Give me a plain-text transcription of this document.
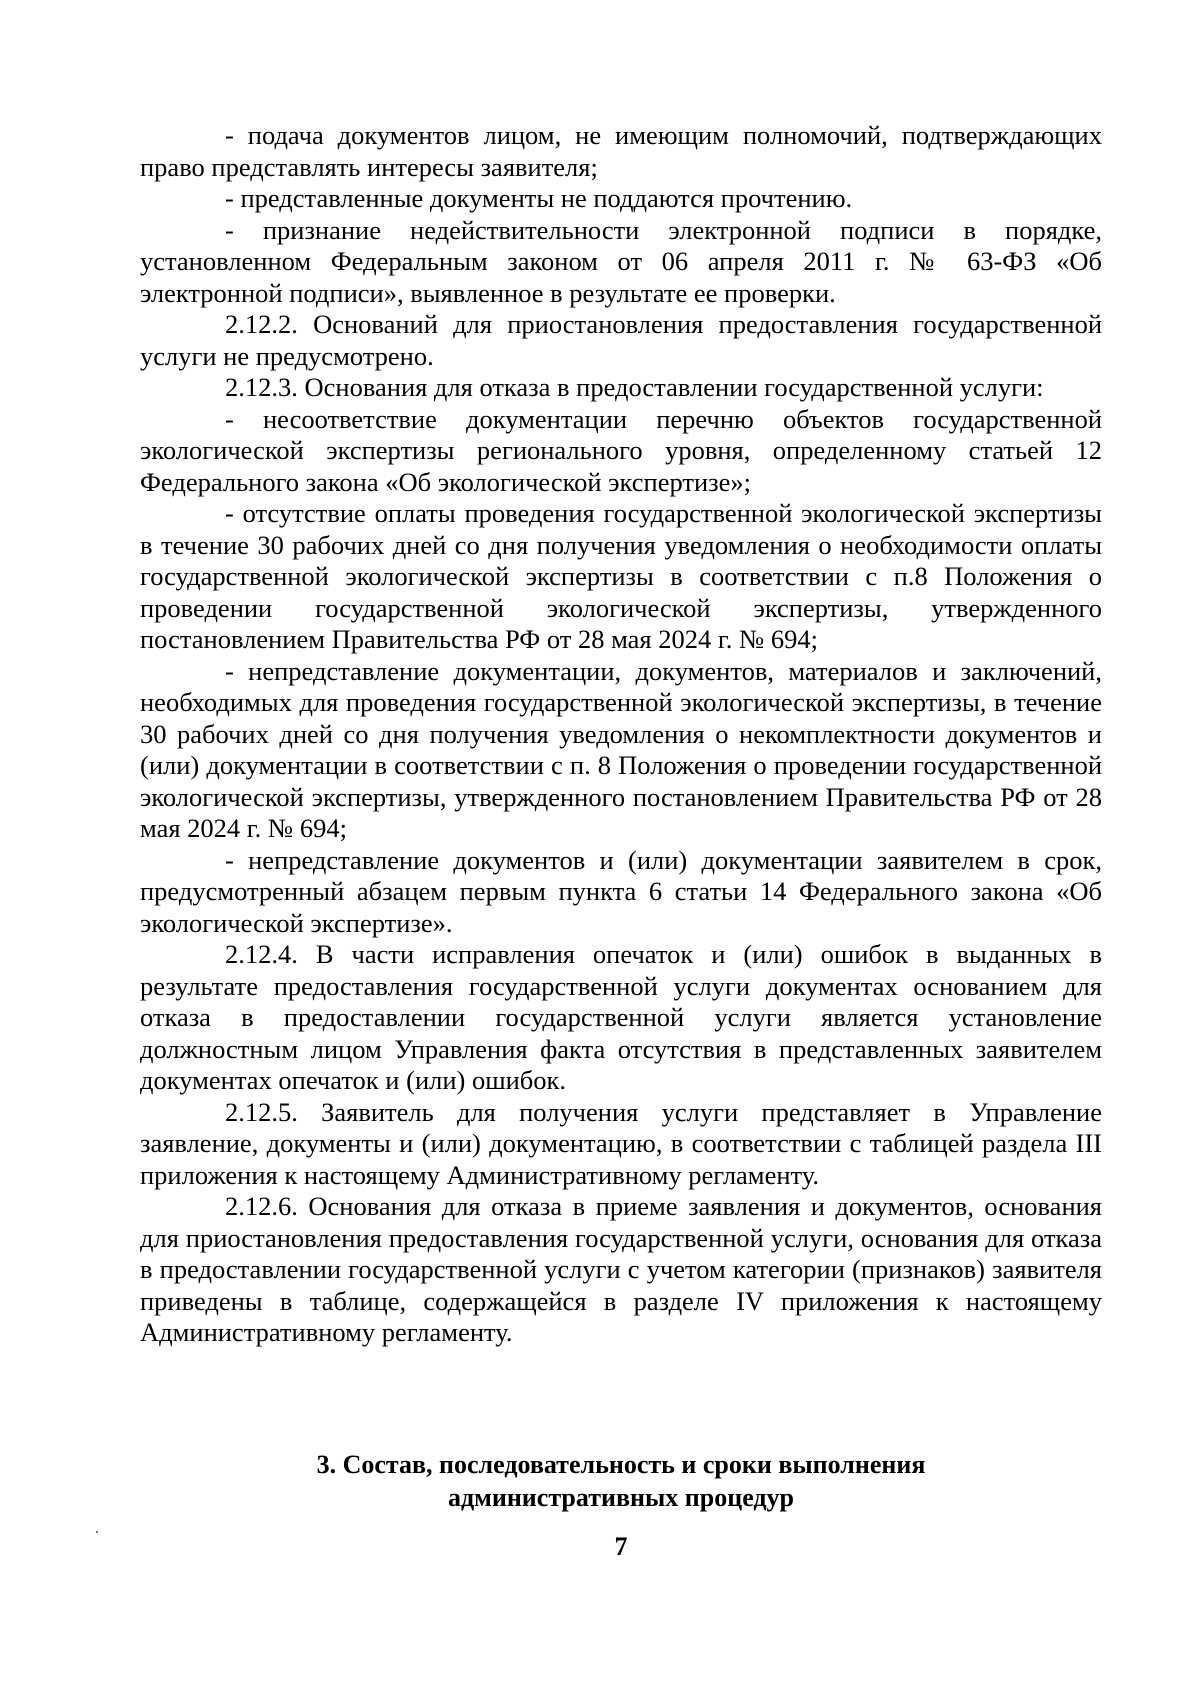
- подача документов лицом, не имеющим полномочий, подтверждающих право представлять интересы заявителя;

- представленные документы не поддаются прочтению.

- признание недействительности электронной подписи в порядке, установленном Федеральным законом от 06 апреля 2011 г. № 63-ФЗ «Об электронной подписи», выявленное в результате ее проверки.

2.12.2. Оснований для приостановления предоставления государственной услуги не предусмотрено.

2.12.3. Основания для отказа в предоставлении государственной услуги:

- несоответствие документации перечню объектов государственной экологической экспертизы регионального уровня, определенному статьей 12 Федерального закона «Об экологической экспертизе»;

- отсутствие оплаты проведения государственной экологической экспертизы в течение 30 рабочих дней со дня получения уведомления о необходимости оплаты государственной экологической экспертизы в соответствии с п.8 Положения о проведении государственной экологической экспертизы, утвержденного постановлением Правительства РФ от 28 мая 2024 г. № 694;

- непредставление документации, документов, материалов и заключений, необходимых для проведения государственной экологической экспертизы, в течение 30 рабочих дней со дня получения уведомления о некомплектности документов и (или) документации в соответствии с п. 8 Положения о проведении государственной экологической экспертизы, утвержденного постановлением Правительства РФ от 28 мая 2024 г. № 694;

- непредставление документов и (или) документации заявителем в срок, предусмотренный абзацем первым пункта 6 статьи 14 Федерального закона «Об экологической экспертизе».

2.12.4. В части исправления опечаток и (или) ошибок в выданных в результате предоставления государственной услуги документах основанием для отказа в предоставлении государственной услуги является установление должностным лицом Управления факта отсутствия в представленных заявителем документах опечаток и (или) ошибок.

2.12.5. Заявитель для получения услуги представляет в Управление заявление, документы и (или) документацию, в соответствии с таблицей раздела III приложения к настоящему Административному регламенту.

2.12.6. Основания для отказа в приеме заявления и документов, основания для приостановления предоставления государственной услуги, основания для отказа в предоставлении государственной услуги с учетом категории (признаков) заявителя приведены в таблице, содержащейся в разделе IV приложения к настоящему Административному регламенту.

3. Состав, последовательность и сроки выполнения
административных процедур
7
